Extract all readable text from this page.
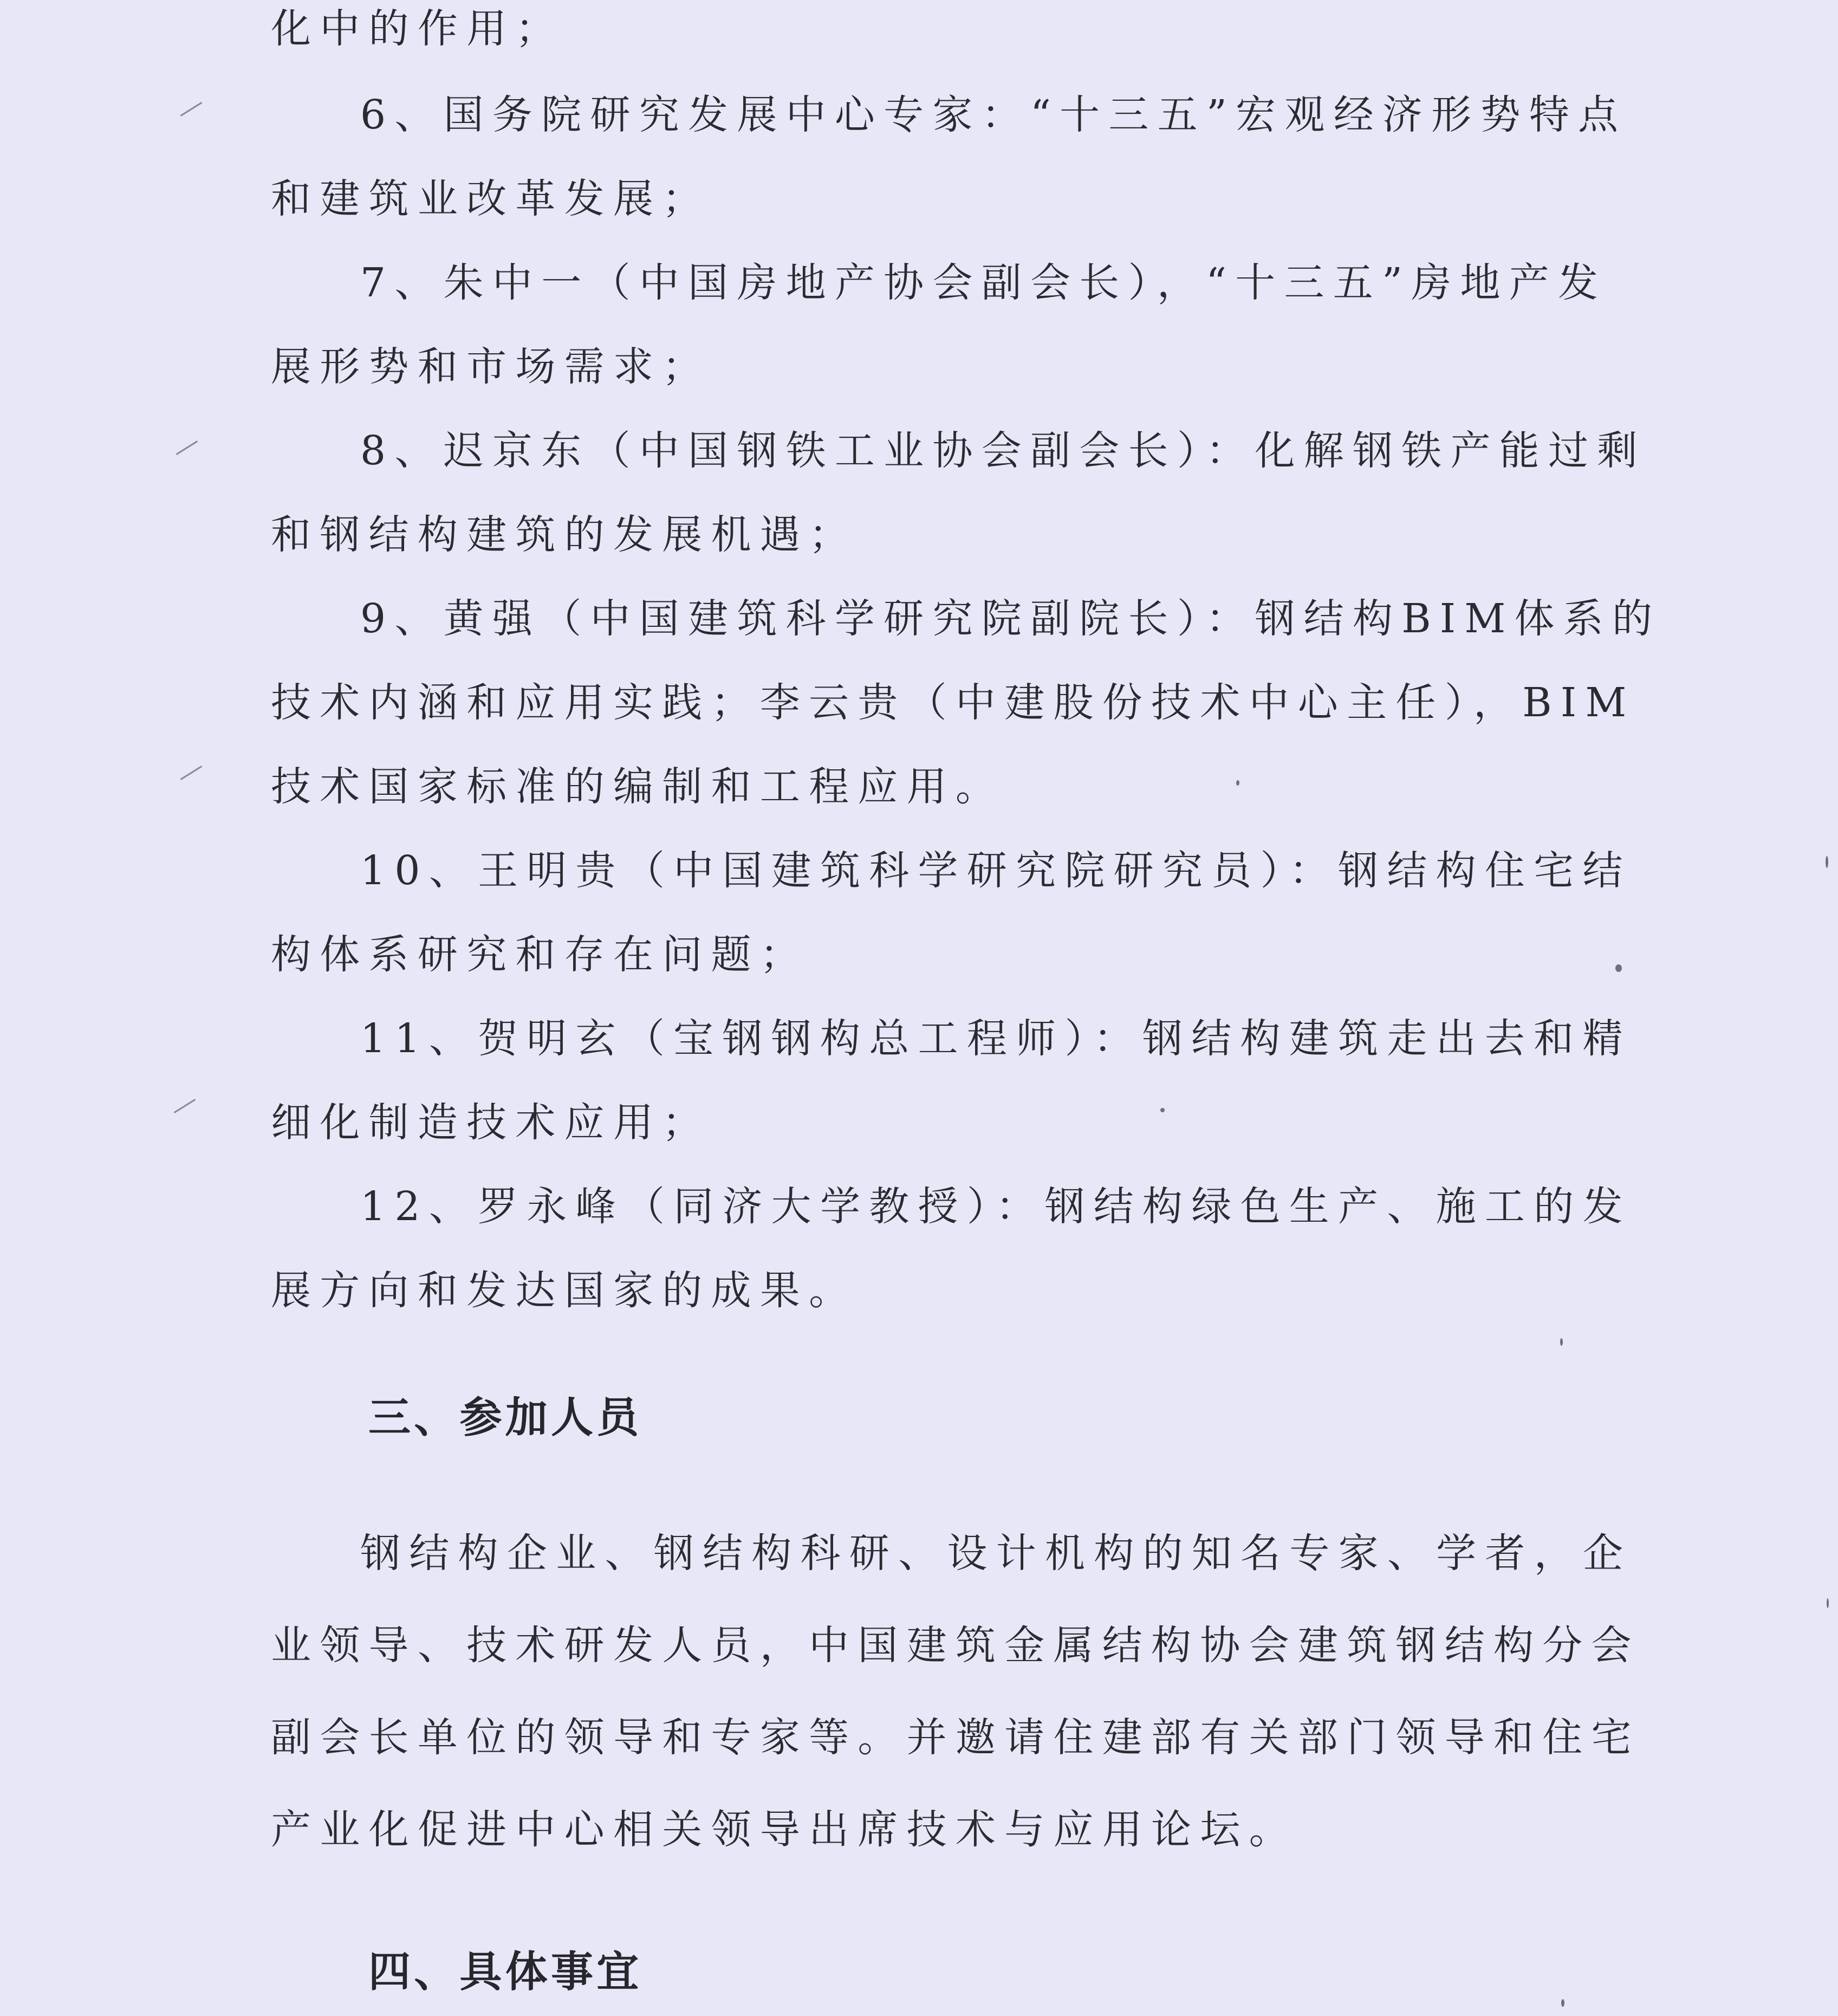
化中的作用；
6、国务院研究发展中心专家：“十三五”宏观经济形势特点
和建筑业改革发展；
7、朱中一（中国房地产协会副会长），“十三五”房地产发
展形势和市场需求；
8、迟京东（中国钢铁工业协会副会长）：化解钢铁产能过剩
和钢结构建筑的发展机遇；
9、黄强（中国建筑科学研究院副院长）：钢结构BIM体系的
技术内涵和应用实践；李云贵（中建股份技术中心主任），BIM
技术国家标准的编制和工程应用。
10、王明贵（中国建筑科学研究院研究员）：钢结构住宅结
构体系研究和存在问题；
11、贺明玄（宝钢钢构总工程师）：钢结构建筑走出去和精
细化制造技术应用；
12、罗永峰（同济大学教授）：钢结构绿色生产、施工的发
展方向和发达国家的成果。
三、参加人员
钢结构企业、钢结构科研、设计机构的知名专家、学者，企
业领导、技术研发人员，中国建筑金属结构协会建筑钢结构分会
副会长单位的领导和专家等。并邀请住建部有关部门领导和住宅
产业化促进中心相关领导出席技术与应用论坛。
四、具体事宜
